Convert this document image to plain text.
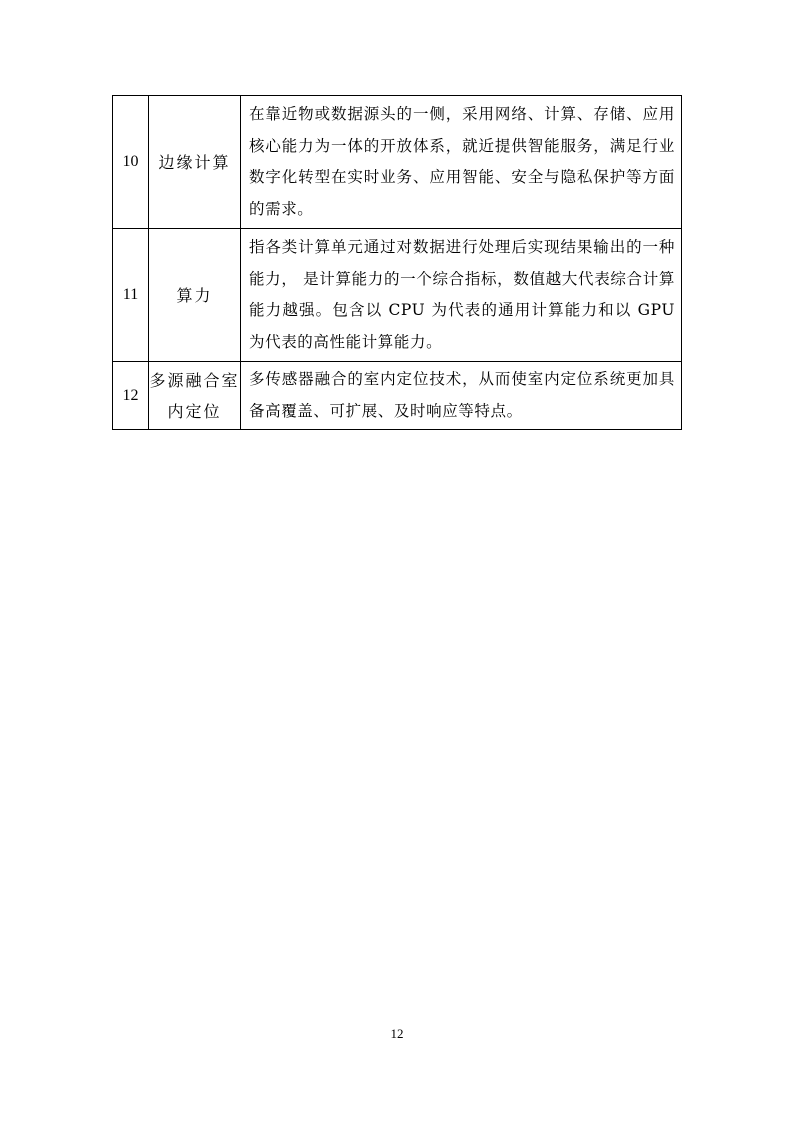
10	边缘计算	在靠近物或数据源头的一侧，采用网络、计算、存储、应用核心能力为一体的开放体系，就近提供智能服务，满足行业数字化转型在实时业务、应用智能、安全与隐私保护等方面的需求。
11	算力	指各类计算单元通过对数据进行处理后实现结果输出的一种能力， 是计算能力的一个综合指标，数值越大代表综合计算能力越强。包含以 CPU 为代表的通用计算能力和以 GPU 为代表的高性能计算能力。
12	多源融合室内定位	多传感器融合的室内定位技术，从而使室内定位系统更加具备高覆盖、可扩展、及时响应等特点。
12
